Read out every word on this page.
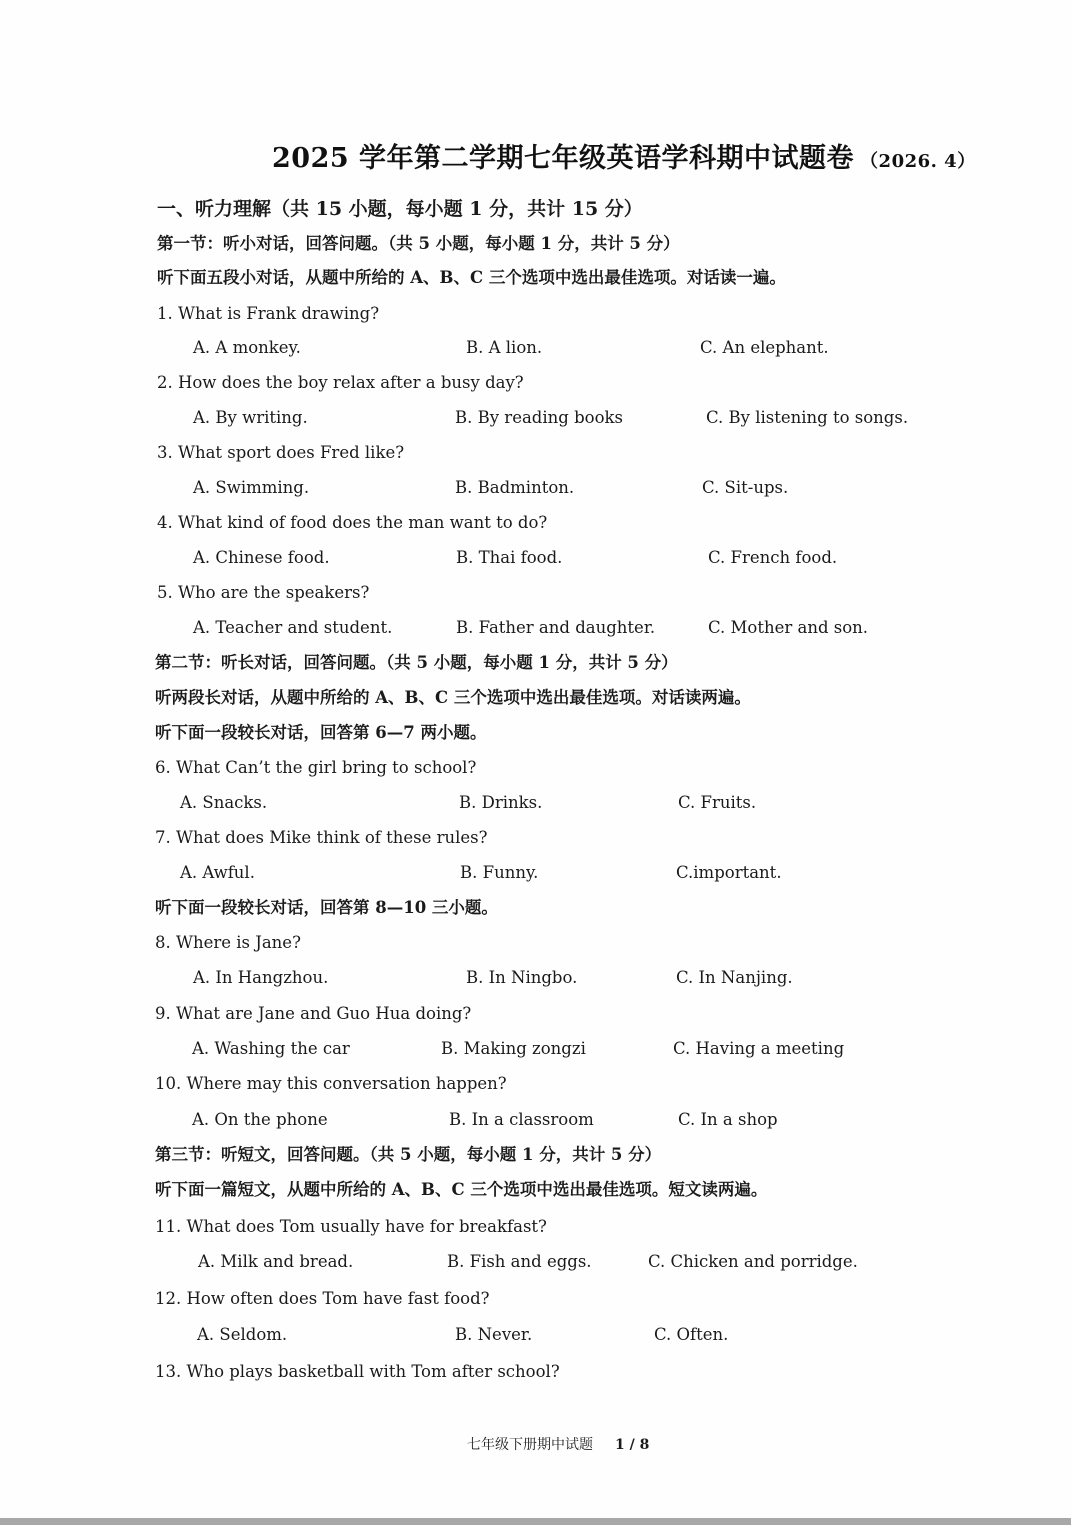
2025 学年第二学期七年级英语学科期中试题卷 （2026. 4）
一、听力理解（共 15 小题，每小题 1 分，共计 15 分）
第一节：听小对话，回答问题。（共 5 小题，每小题 1 分，共计 5 分）
听下面五段小对话，从题中所给的 A、B、C 三个选项中选出最佳选项。对话读一遍。
1. What is Frank drawing?
A. A monkey.	B. A lion.	C. An elephant.
2. How does the boy relax after a busy day?
A. By writing.	B. By reading books	C. By listening to songs.
3. What sport does Fred like?
A. Swimming.	B. Badminton.	C. Sit-ups.
4. What kind of food does the man want to do?
A. Chinese food.	B. Thai food.	C. French food.
5. Who are the speakers?
A. Teacher and student.	B. Father and daughter.	C. Mother and son.
第二节：听长对话，回答问题。（共 5 小题，每小题 1 分，共计 5 分）
听两段长对话，从题中所给的 A、B、C 三个选项中选出最佳选项。对话读两遍。
听下面一段较长对话，回答第 6—7 两小题。
6. What Can’t the girl bring to school?
A. Snacks.	B. Drinks.	C. Fruits.
7. What does Mike think of these rules?
A. Awful.	B. Funny.	C.important.
听下面一段较长对话，回答第 8—10 三小题。
8. Where is Jane?
A. In Hangzhou.	B. In Ningbo.	C. In Nanjing.
9. What are Jane and Guo Hua doing?
A. Washing the car	B. Making zongzi	C. Having a meeting
10. Where may this conversation happen?
A. On the phone	B. In a classroom	C. In a shop
第三节：听短文，回答问题。（共 5 小题，每小题 1 分，共计 5 分）
听下面一篇短文，从题中所给的 A、B、C 三个选项中选出最佳选项。短文读两遍。
11. What does Tom usually have for breakfast?
A. Milk and bread.	B. Fish and eggs.	C. Chicken and porridge.
12. How often does Tom have fast food?
A. Seldom.	B. Never.	C. Often.
13. Who plays basketball with Tom after school?
七年级下册期中试题 1 / 8
